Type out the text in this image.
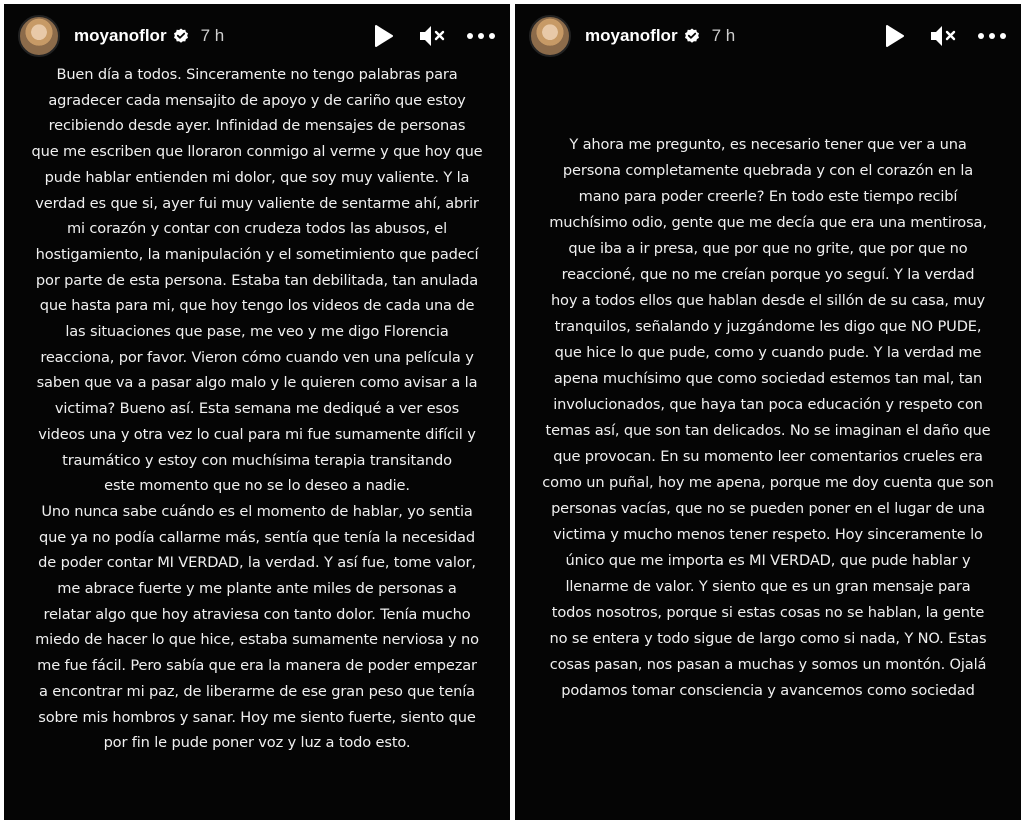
moyanoflor 7 h
Buen día a todos. Sinceramente no tengo palabras para
agradecer cada mensajito de apoyo y de cariño que estoy
recibiendo desde ayer. Infinidad de mensajes de personas
que me escriben que lloraron conmigo al verme y que hoy que
pude hablar entienden mi dolor, que soy muy valiente. Y la
verdad es que si, ayer fui muy valiente de sentarme ahí, abrir
mi corazón y contar con crudeza todos las abusos, el
hostigamiento, la manipulación y el sometimiento que padecí
por parte de esta persona. Estaba tan debilitada, tan anulada
que hasta para mi, que hoy tengo los videos de cada una de
las situaciones que pase, me veo y me digo Florencia
reacciona, por favor. Vieron cómo cuando ven una película y
saben que va a pasar algo malo y le quieren como avisar a la
victima? Bueno así. Esta semana me dediqué a ver esos
videos una y otra vez lo cual para mi fue sumamente difícil y
traumático y estoy con muchísima terapia transitando
este momento que no se lo deseo a nadie.
Uno nunca sabe cuándo es el momento de hablar, yo sentia
que ya no podía callarme más, sentía que tenía la necesidad
de poder contar MI VERDAD, la verdad. Y así fue, tome valor,
me abrace fuerte y me plante ante miles de personas a
relatar algo que hoy atraviesa con tanto dolor. Tenía mucho
miedo de hacer lo que hice, estaba sumamente nerviosa y no
me fue fácil. Pero sabía que era la manera de poder empezar
a encontrar mi paz, de liberarme de ese gran peso que tenía
sobre mis hombros y sanar. Hoy me siento fuerte, siento que
por fin le pude poner voz y luz a todo esto.
moyanoflor 7 h
Y ahora me pregunto, es necesario tener que ver a una
persona completamente quebrada y con el corazón en la
mano para poder creerle? En todo este tiempo recibí
muchísimo odio, gente que me decía que era una mentirosa,
que iba a ir presa, que por que no grite, que por que no
reaccioné, que no me creían porque yo seguí. Y la verdad
hoy a todos ellos que hablan desde el sillón de su casa, muy
tranquilos, señalando y juzgándome les digo que NO PUDE,
que hice lo que pude, como y cuando pude. Y la verdad me
apena muchísimo que como sociedad estemos tan mal, tan
involucionados, que haya tan poca educación y respeto con
temas así, que son tan delicados. No se imaginan el daño que
que provocan. En su momento leer comentarios crueles era
como un puñal, hoy me apena, porque me doy cuenta que son
personas vacías, que no se pueden poner en el lugar de una
victima y mucho menos tener respeto. Hoy sinceramente lo
único que me importa es MI VERDAD, que pude hablar y
llenarme de valor. Y siento que es un gran mensaje para
todos nosotros, porque si estas cosas no se hablan, la gente
no se entera y todo sigue de largo como si nada, Y NO. Estas
cosas pasan, nos pasan a muchas y somos un montón. Ojalá
podamos tomar consciencia y avancemos como sociedad
